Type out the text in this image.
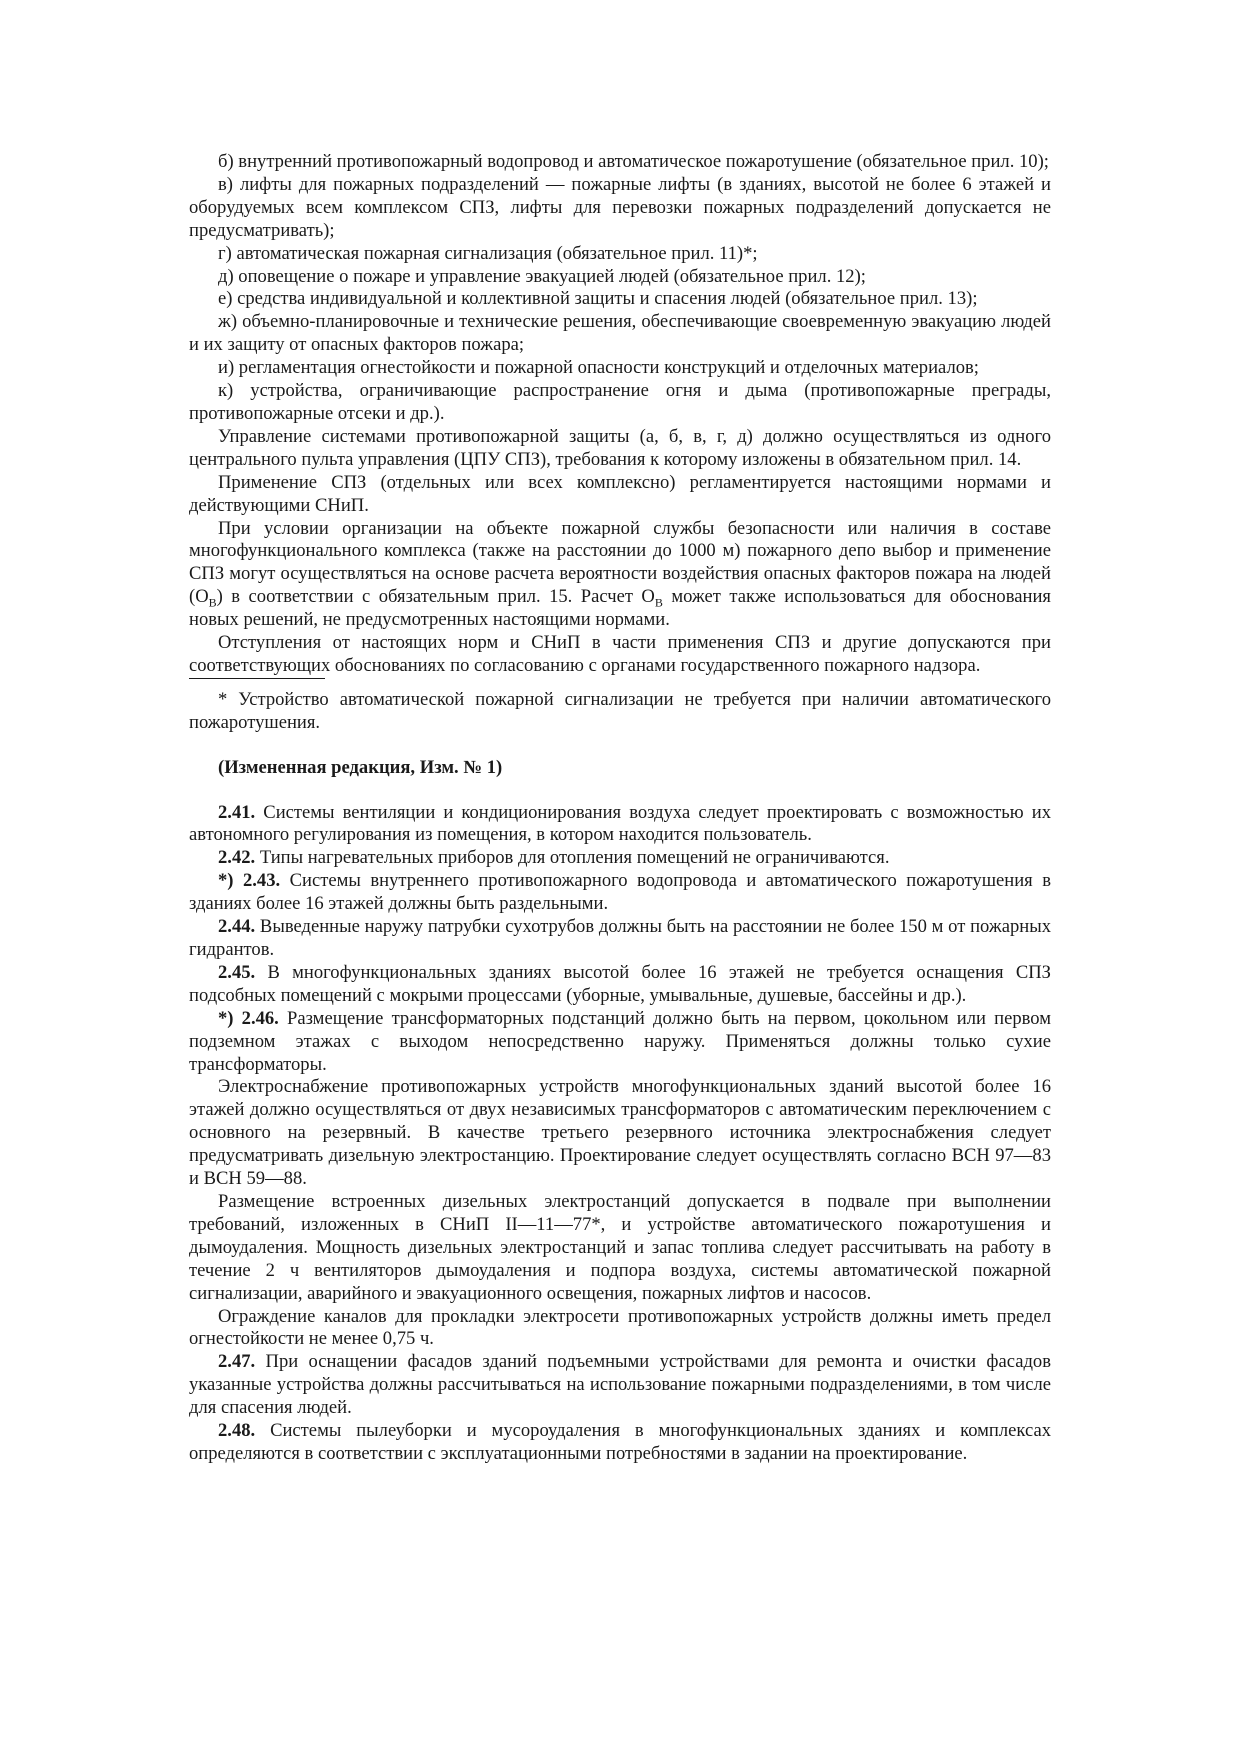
б) внутренний противопожарный водопровод и автоматическое пожаротушение (обязательное прил. 10);

в) лифты для пожарных подразделений — пожарные лифты (в зданиях, высотой не более 6 этажей и оборудуемых всем комплексом СПЗ, лифты для перевозки пожарных подразделений допускается не предусматривать);

г) автоматическая пожарная сигнализация (обязательное прил. 11)*;

д) оповещение о пожаре и управление эвакуацией людей (обязательное прил. 12);

е) средства индивидуальной и коллективной защиты и спасения людей (обязательное прил. 13);

ж) объемно-планировочные и технические решения, обеспечивающие своевременную эвакуацию людей и их защиту от опасных факторов пожара;

и) регламентация огнестойкости и пожарной опасности конструкций и отделочных материалов;

к) устройства, ограничивающие распространение огня и дыма (противопожарные преграды, противопожарные отсеки и др.).

Управление системами противопожарной защиты (а, б, в, г, д) должно осуществляться из одного центрального пульта управления (ЦПУ СПЗ), требования к которому изложены в обязательном прил. 14.

Применение СПЗ (отдельных или всех комплексно) регламентируется настоящими нормами и действующими СНиП.

При условии организации на объекте пожарной службы безопасности или наличия в составе многофункционального комплекса (также на расстоянии до 1000 м) пожарного депо выбор и применение СПЗ могут осуществляться на основе расчета вероятности воздействия опасных факторов пожара на людей $(O_B)$ в соответствии с обязательным прил. 15. Расчет $O_B$ может также использоваться для обоснования новых решений, не предусмотренных настоящими нормами.

Отступления от настоящих норм и СНиП в части применения СПЗ и другие допускаются при соответствующих обоснованиях по согласованию с органами государственного пожарного надзора.

* Устройство автоматической пожарной сигнализации не требуется при наличии автоматического пожаротушения.

(Измененная редакция, Изм. № 1)

2.41. Системы вентиляции и кондиционирования воздуха следует проектировать с возможностью их автономного регулирования из помещения, в котором находится пользователь.

2.42. Типы нагревательных приборов для отопления помещений не ограничиваются.

*) 2.43. Системы внутреннего противопожарного водопровода и автоматического пожаротушения в зданиях более 16 этажей должны быть раздельными.

2.44. Выведенные наружу патрубки сухотрубов должны быть на расстоянии не более 150 м от пожарных гидрантов.

2.45. В многофункциональных зданиях высотой более 16 этажей не требуется оснащения СПЗ подсобных помещений с мокрыми процессами (уборные, умывальные, душевые, бассейны и др.).

*) 2.46. Размещение трансформаторных подстанций должно быть на первом, цокольном или первом подземном этажах с выходом непосредственно наружу. Применяться должны только сухие трансформаторы.

Электроснабжение противопожарных устройств многофункциональных зданий высотой более 16 этажей должно осуществляться от двух независимых трансформаторов с автоматическим переключением с основного на резервный. В качестве третьего резервного источника электроснабжения следует предусматривать дизельную электростанцию. Проектирование следует осуществлять согласно ВСН 97—83 и ВСН 59—88.

Размещение встроенных дизельных электростанций допускается в подвале при выполнении требований, изложенных в СНиП II—11—77*, и устройстве автоматического пожаротушения и дымоудаления. Мощность дизельных электростанций и запас топлива следует рассчитывать на работу в течение 2 ч вентиляторов дымоудаления и подпора воздуха, системы автоматической пожарной сигнализации, аварийного и эвакуационного освещения, пожарных лифтов и насосов.

Ограждение каналов для прокладки электросети противопожарных устройств должны иметь предел огнестойкости не менее 0,75 ч.

2.47. При оснащении фасадов зданий подъемными устройствами для ремонта и очистки фасадов указанные устройства должны рассчитываться на использование пожарными подразделениями, в том числе для спасения людей.

2.48. Системы пылеуборки и мусороудаления в многофункциональных зданиях и комплексах определяются в соответствии с эксплуатационными потребностями в задании на проектирование.
